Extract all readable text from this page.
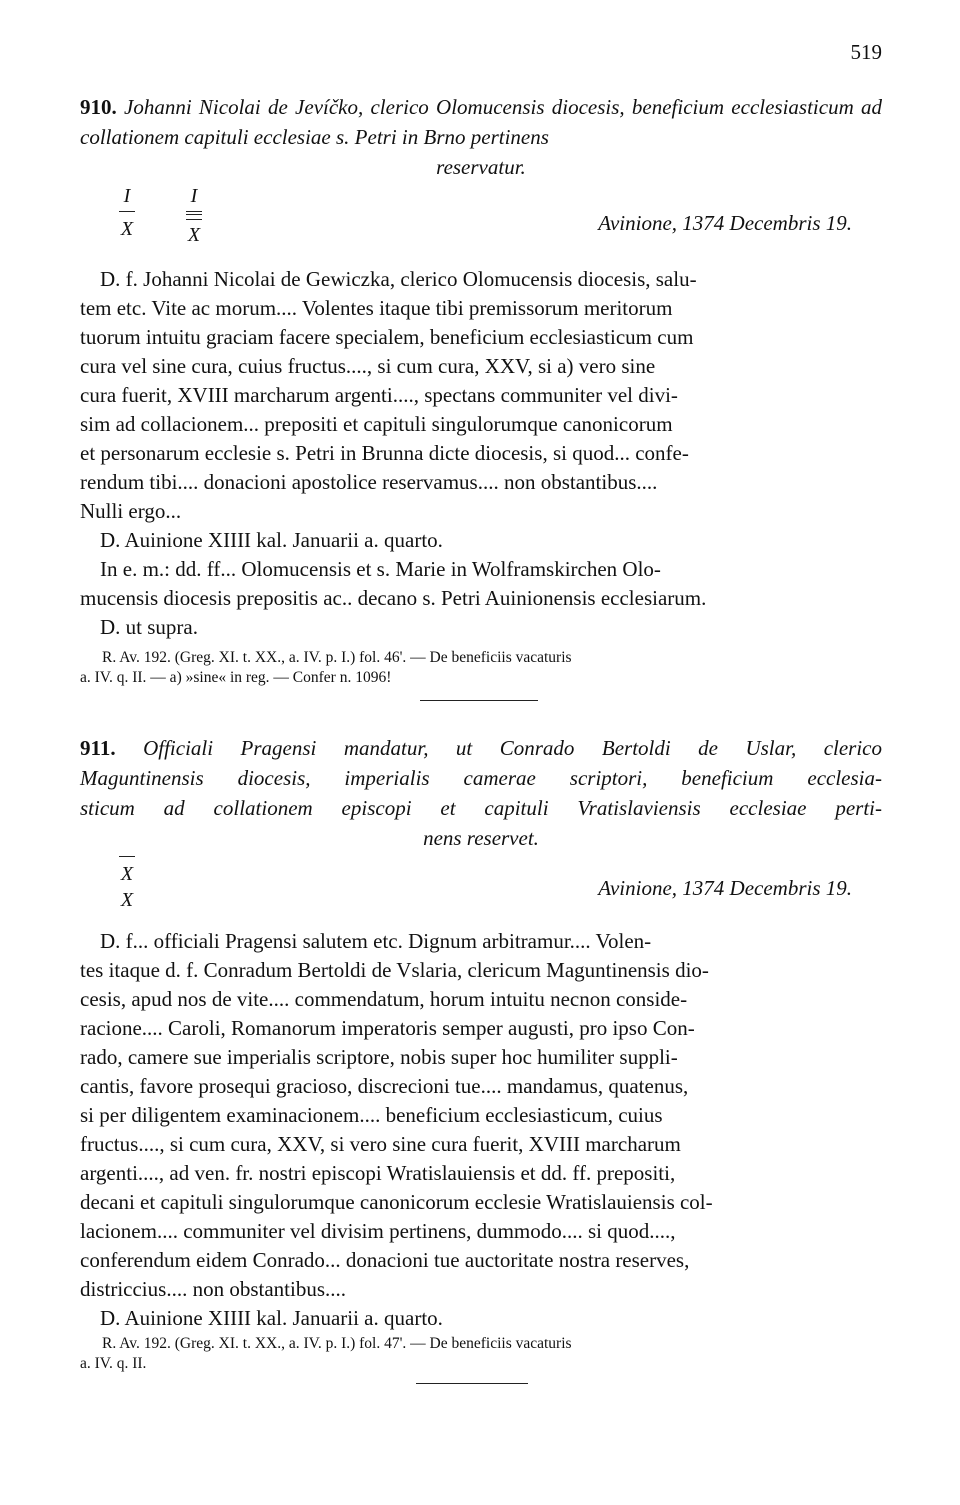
519
910. Johanni Nicolai de Jevíčko, clerico Olomucensis diocesis, beneficium ecclesiasticum ad collationem capituli ecclesiae s. Petri in Brno pertinens
reservatur.
I
X
I
X	Avinione, 1374 Decembris 19.

D. f. Johanni Nicolai de Gewiczka, clerico Olomucensis diocesis, salu-

tem etc. Vite ac morum.... Volentes itaque tibi premissorum meritorum

tuorum intuitu graciam facere specialem, beneficium ecclesiasticum cum

cura vel sine cura, cuius fructus...., si cum cura, XXV, si a) vero sine

cura fuerit, XVIII marcharum argenti...., spectans communiter vel divi-

sim ad collacionem... prepositi et capituli singulorumque canonicorum

et personarum ecclesie s. Petri in Brunna dicte diocesis, si quod... confe-

rendum tibi.... donacioni apostolice reservamus.... non obstantibus....

Nulli ergo...

D. Auinione XIIII kal. Januarii a. quarto.

In e. m.: dd. ff... Olomucensis et s. Marie in Wolframskirchen Olo-

mucensis diocesis prepositis ac.. decano s. Petri Auinionensis ecclesiarum.

D. ut supra.

R. Av. 192. (Greg. XI. t. XX., a. IV. p. I.) fol. 46'. — De beneficiis vacaturis

a. IV. q. II. — a) »sine« in reg. — Confer n. 1096!

911. Officiali Pragensi mandatur, ut Conrado Bertoldi de Uslar, clerico
Maguntinensis diocesis, imperialis camerae scriptori, beneficium ecclesia-
sticum ad collationem episcopi et capituli Vratislaviensis ecclesiae perti-
nens reservet.
X
X	Avinione, 1374 Decembris 19.

D. f... officiali Pragensi salutem etc. Dignum arbitramur.... Volen-

tes itaque d. f. Conradum Bertoldi de Vslaria, clericum Maguntinensis dio-

cesis, apud nos de vite.... commendatum, horum intuitu necnon conside-

racione.... Caroli, Romanorum imperatoris semper augusti, pro ipso Con-

rado, camere sue imperialis scriptore, nobis super hoc humiliter suppli-

cantis, favore prosequi gracioso, discrecioni tue.... mandamus, quatenus,

si per diligentem examinacionem.... beneficium ecclesiasticum, cuius

fructus...., si cum cura, XXV, si vero sine cura fuerit, XVIII marcharum

argenti...., ad ven. fr. nostri episcopi Wratislauiensis et dd. ff. prepositi,

decani et capituli singulorumque canonicorum ecclesie Wratislauiensis col-

lacionem.... communiter vel divisim pertinens, dummodo.... si quod....,

conferendum eidem Conrado... donacioni tue auctoritate nostra reserves,

districcius.... non obstantibus....

D. Auinione XIIII kal. Januarii a. quarto.

R. Av. 192. (Greg. XI. t. XX., a. IV. p. I.) fol. 47'. — De beneficiis vacaturis

a. IV. q. II.
